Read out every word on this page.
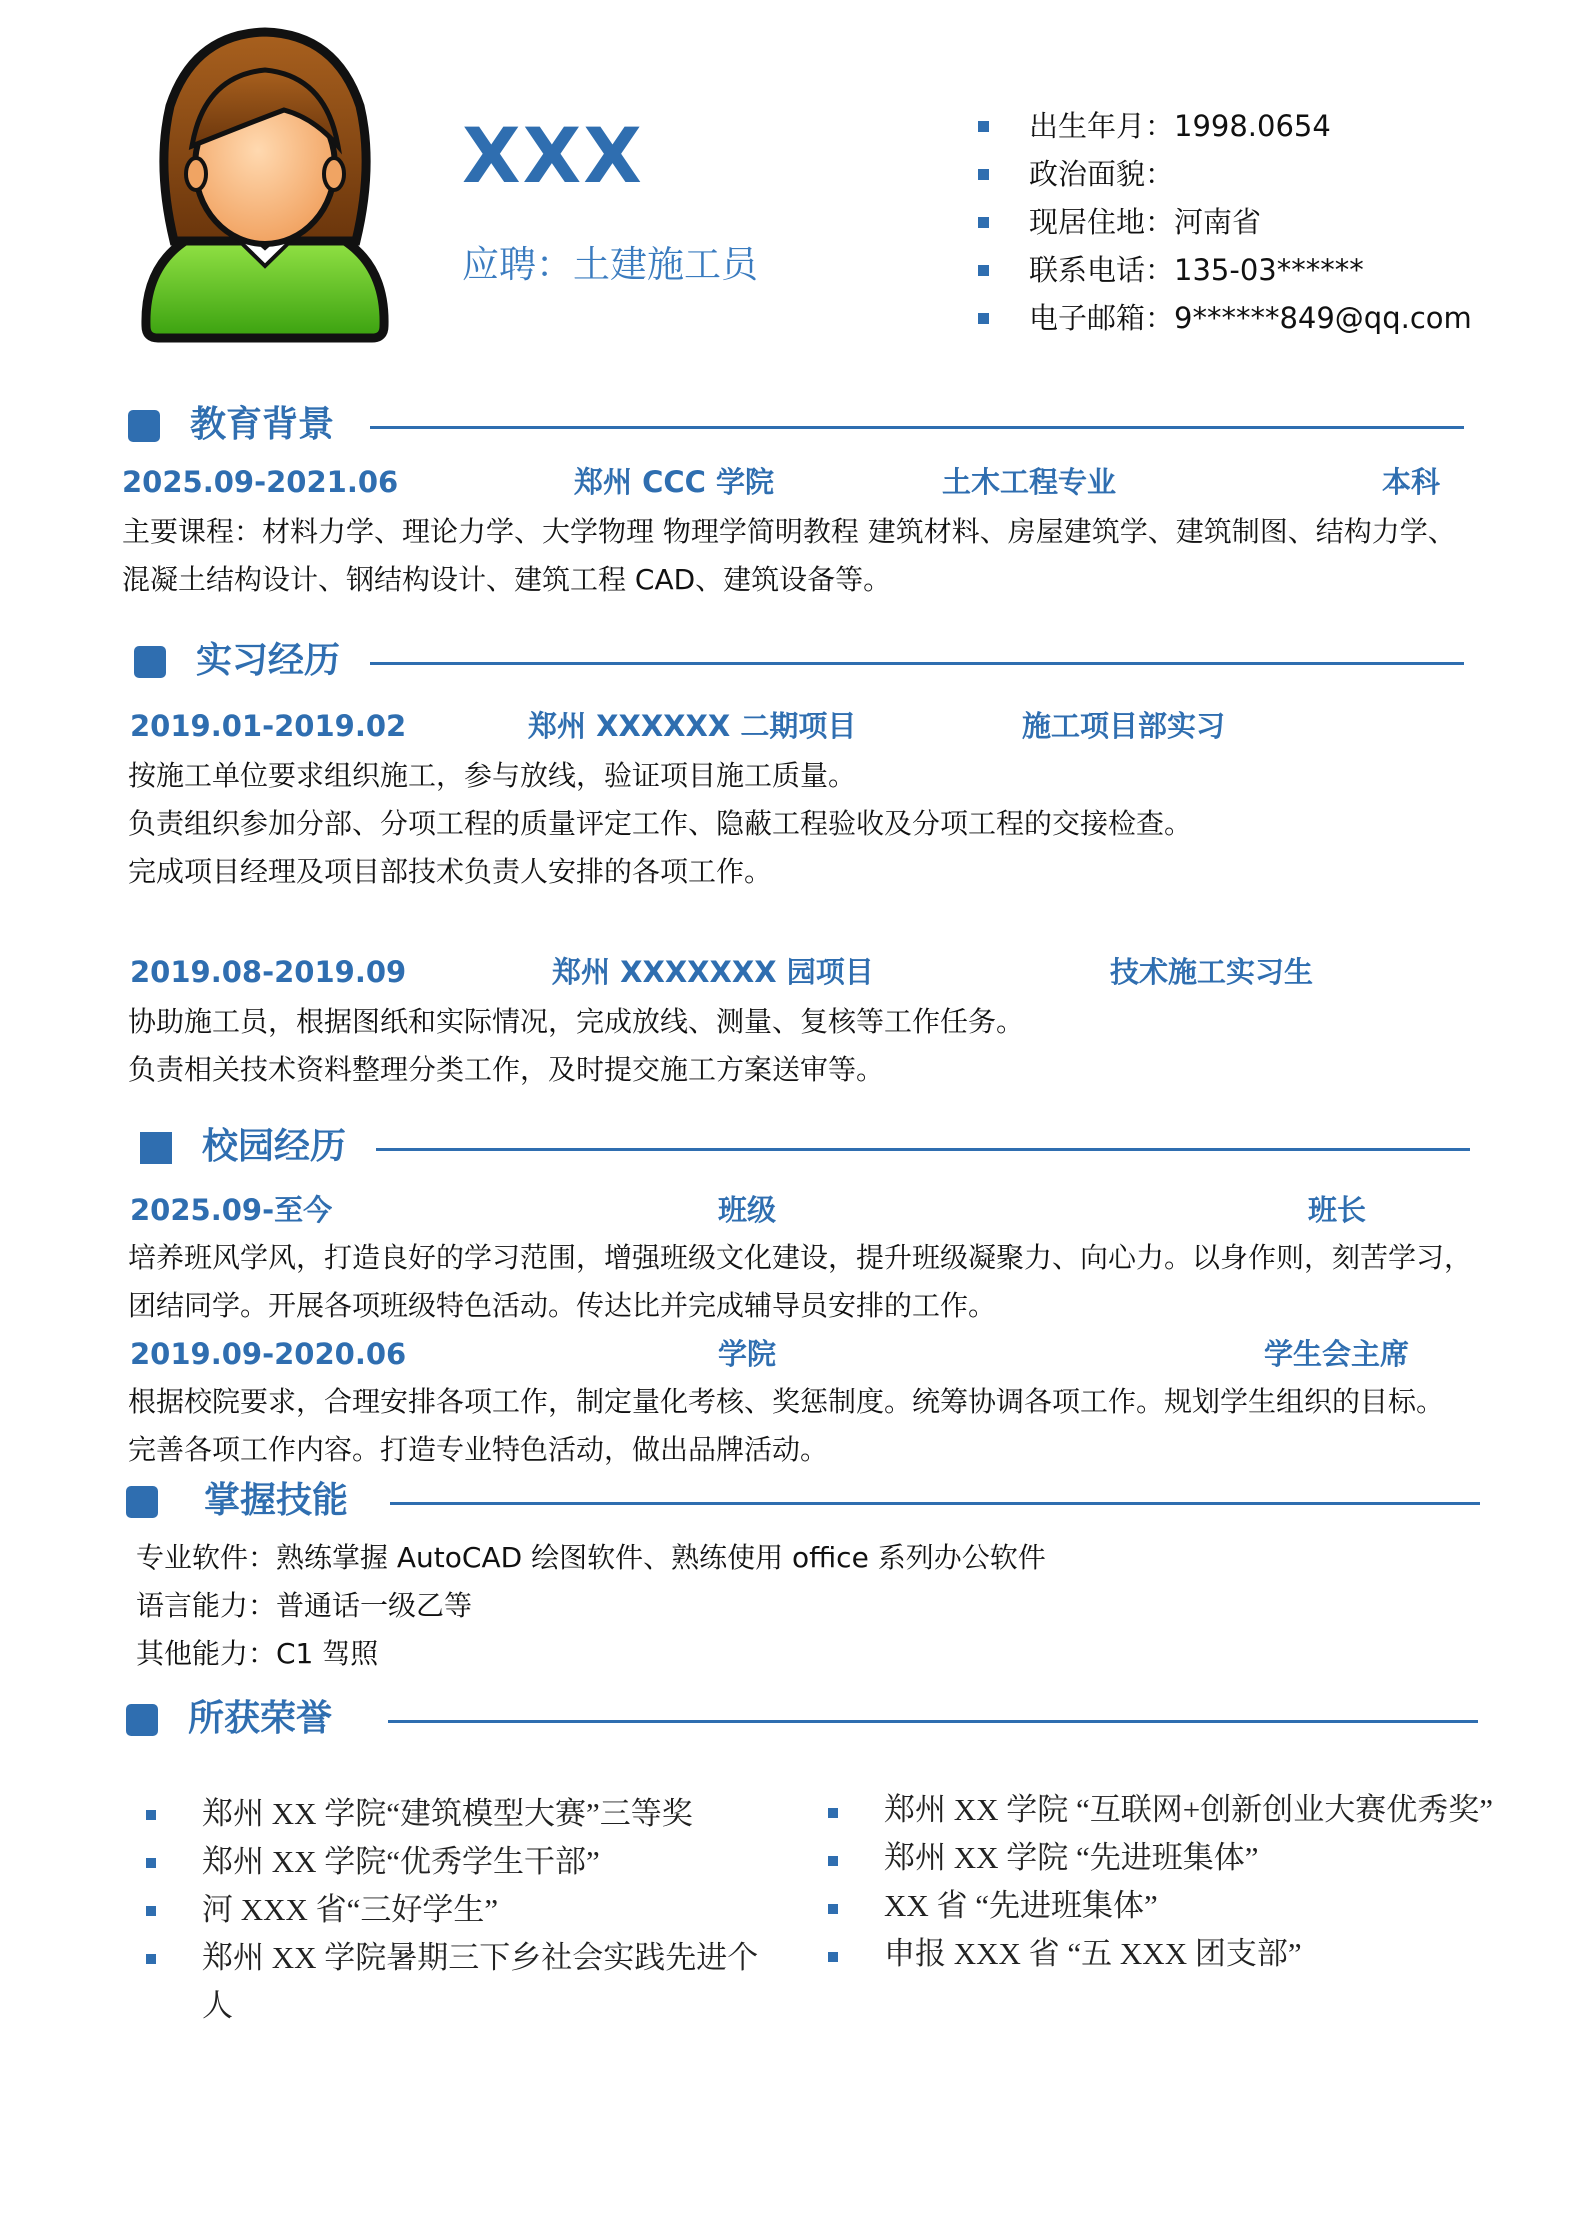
XXX
应聘：土建施工员
出生年月：1998.0654
政治面貌：
现居住地：河南省
联系电话：135-03******
电子邮箱：9******849@qq.com
教育背景
2025.09-2021.06	郑州 CCC 学院	土木工程专业	本科
主要课程：材料力学、理论力学、大学物理 物理学简明教程 建筑材料、房屋建筑学、建筑制图、结构力学、
混凝土结构设计、钢结构设计、建筑工程 CAD、建筑设备等。
实习经历
2019.01-2019.02	郑州 XXXXXX 二期项目	施工项目部实习
按施工单位要求组织施工，参与放线，验证项目施工质量。
负责组织参加分部、分项工程的质量评定工作、隐蔽工程验收及分项工程的交接检查。
完成项目经理及项目部技术负责人安排的各项工作。
2019.08-2019.09	郑州 XXXXXXX 园项目	技术施工实习生
协助施工员，根据图纸和实际情况，完成放线、测量、复核等工作任务。
负责相关技术资料整理分类工作，及时提交施工方案送审等。
校园经历
2025.09-至今	班级	班长
培养班风学风，打造良好的学习范围，增强班级文化建设，提升班级凝聚力、向心力。以身作则，刻苦学习，
团结同学。开展各项班级特色活动。传达比并完成辅导员安排的工作。
2019.09-2020.06	学院	学生会主席
根据校院要求，合理安排各项工作，制定量化考核、奖惩制度。统筹协调各项工作。规划学生组织的目标。
完善各项工作内容。打造专业特色活动，做出品牌活动。
掌握技能
专业软件：熟练掌握 AutoCAD 绘图软件、熟练使用 office 系列办公软件
语言能力：普通话一级乙等
其他能力：C1 驾照
所获荣誉
郑州 XX 学院“建筑模型大赛”三等奖
郑州 XX 学院“优秀学生干部”
河 XXX 省“三好学生”
郑州 XX 学院暑期三下乡社会实践先进个
人
郑州 XX 学院 “互联网+创新创业大赛优秀奖”
郑州 XX 学院 “先进班集体”
XX 省 “先进班集体”
申报 XXX 省 “五 XXX 团支部”
